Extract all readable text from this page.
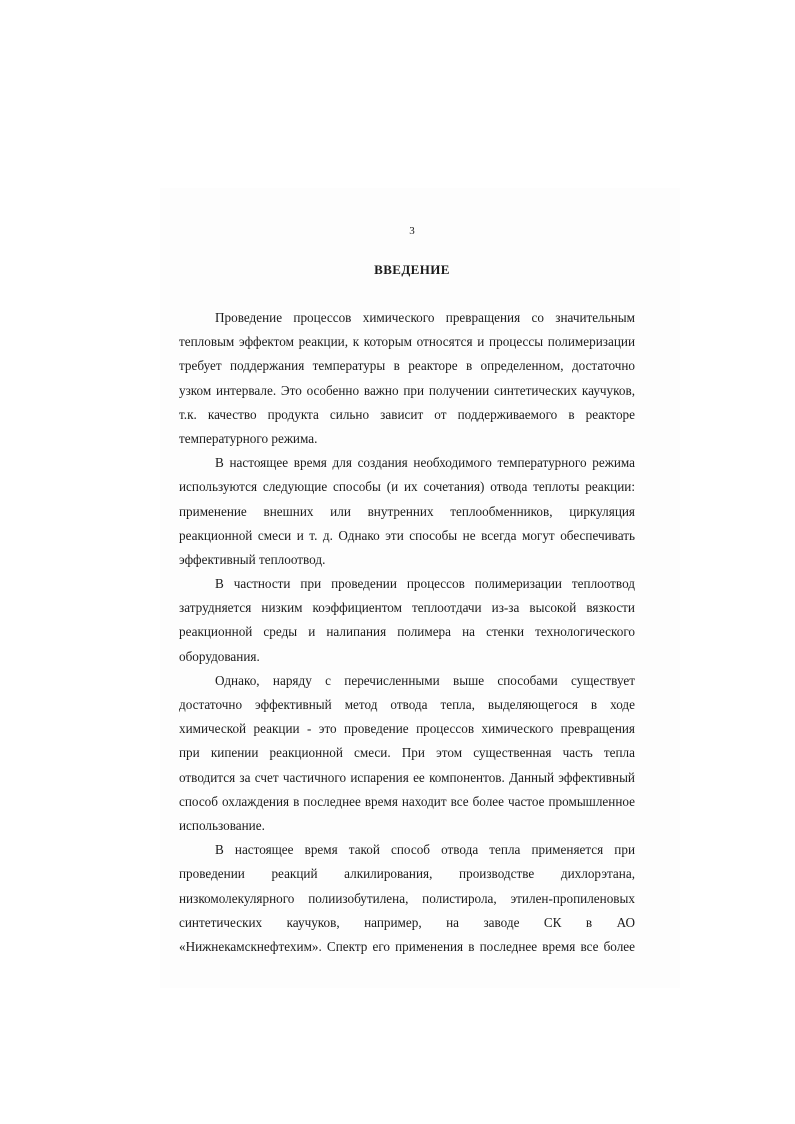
3
ВВЕДЕНИЕ
Проведение процессов химического превращения со значительным
тепловым эффектом реакции, к которым относятся и процессы полимеризации
требует поддержания температуры в реакторе в определенном, достаточно
узком интервале. Это особенно важно при получении синтетических каучуков,
т.к. качество продукта сильно зависит от поддерживаемого в реакторе
температурного режима.
В настоящее время для создания необходимого температурного режима
используются следующие способы (и их сочетания) отвода теплоты реакции:
применение внешних или внутренних теплообменников, циркуляция
реакционной смеси и т. д. Однако эти способы не всегда могут обеспечивать
эффективный теплоотвод.
В частности при проведении процессов полимеризации теплоотвод
затрудняется низким коэффициентом теплоотдачи из-за высокой вязкости
реакционной среды и налипания полимера на стенки технологического
оборудования.
Однако, наряду с перечисленными выше способами существует
достаточно эффективный метод отвода тепла, выделяющегося в ходе
химической реакции - это проведение процессов химического превращения
при кипении реакционной смеси. При этом существенная часть тепла
отводится за счет частичного испарения ее компонентов. Данный эффективный
способ охлаждения в последнее время находит все более частое промышленное
использование.
В настоящее время такой способ отвода тепла применяется при
проведении реакций алкилирования, производстве дихлорэтана,
низкомолекулярного полиизобутилена, полистирола, этилен-пропиленовых
синтетических каучуков, например, на заводе СК в АО
«Нижнекамскнефтехим». Спектр его применения в последнее время все более
